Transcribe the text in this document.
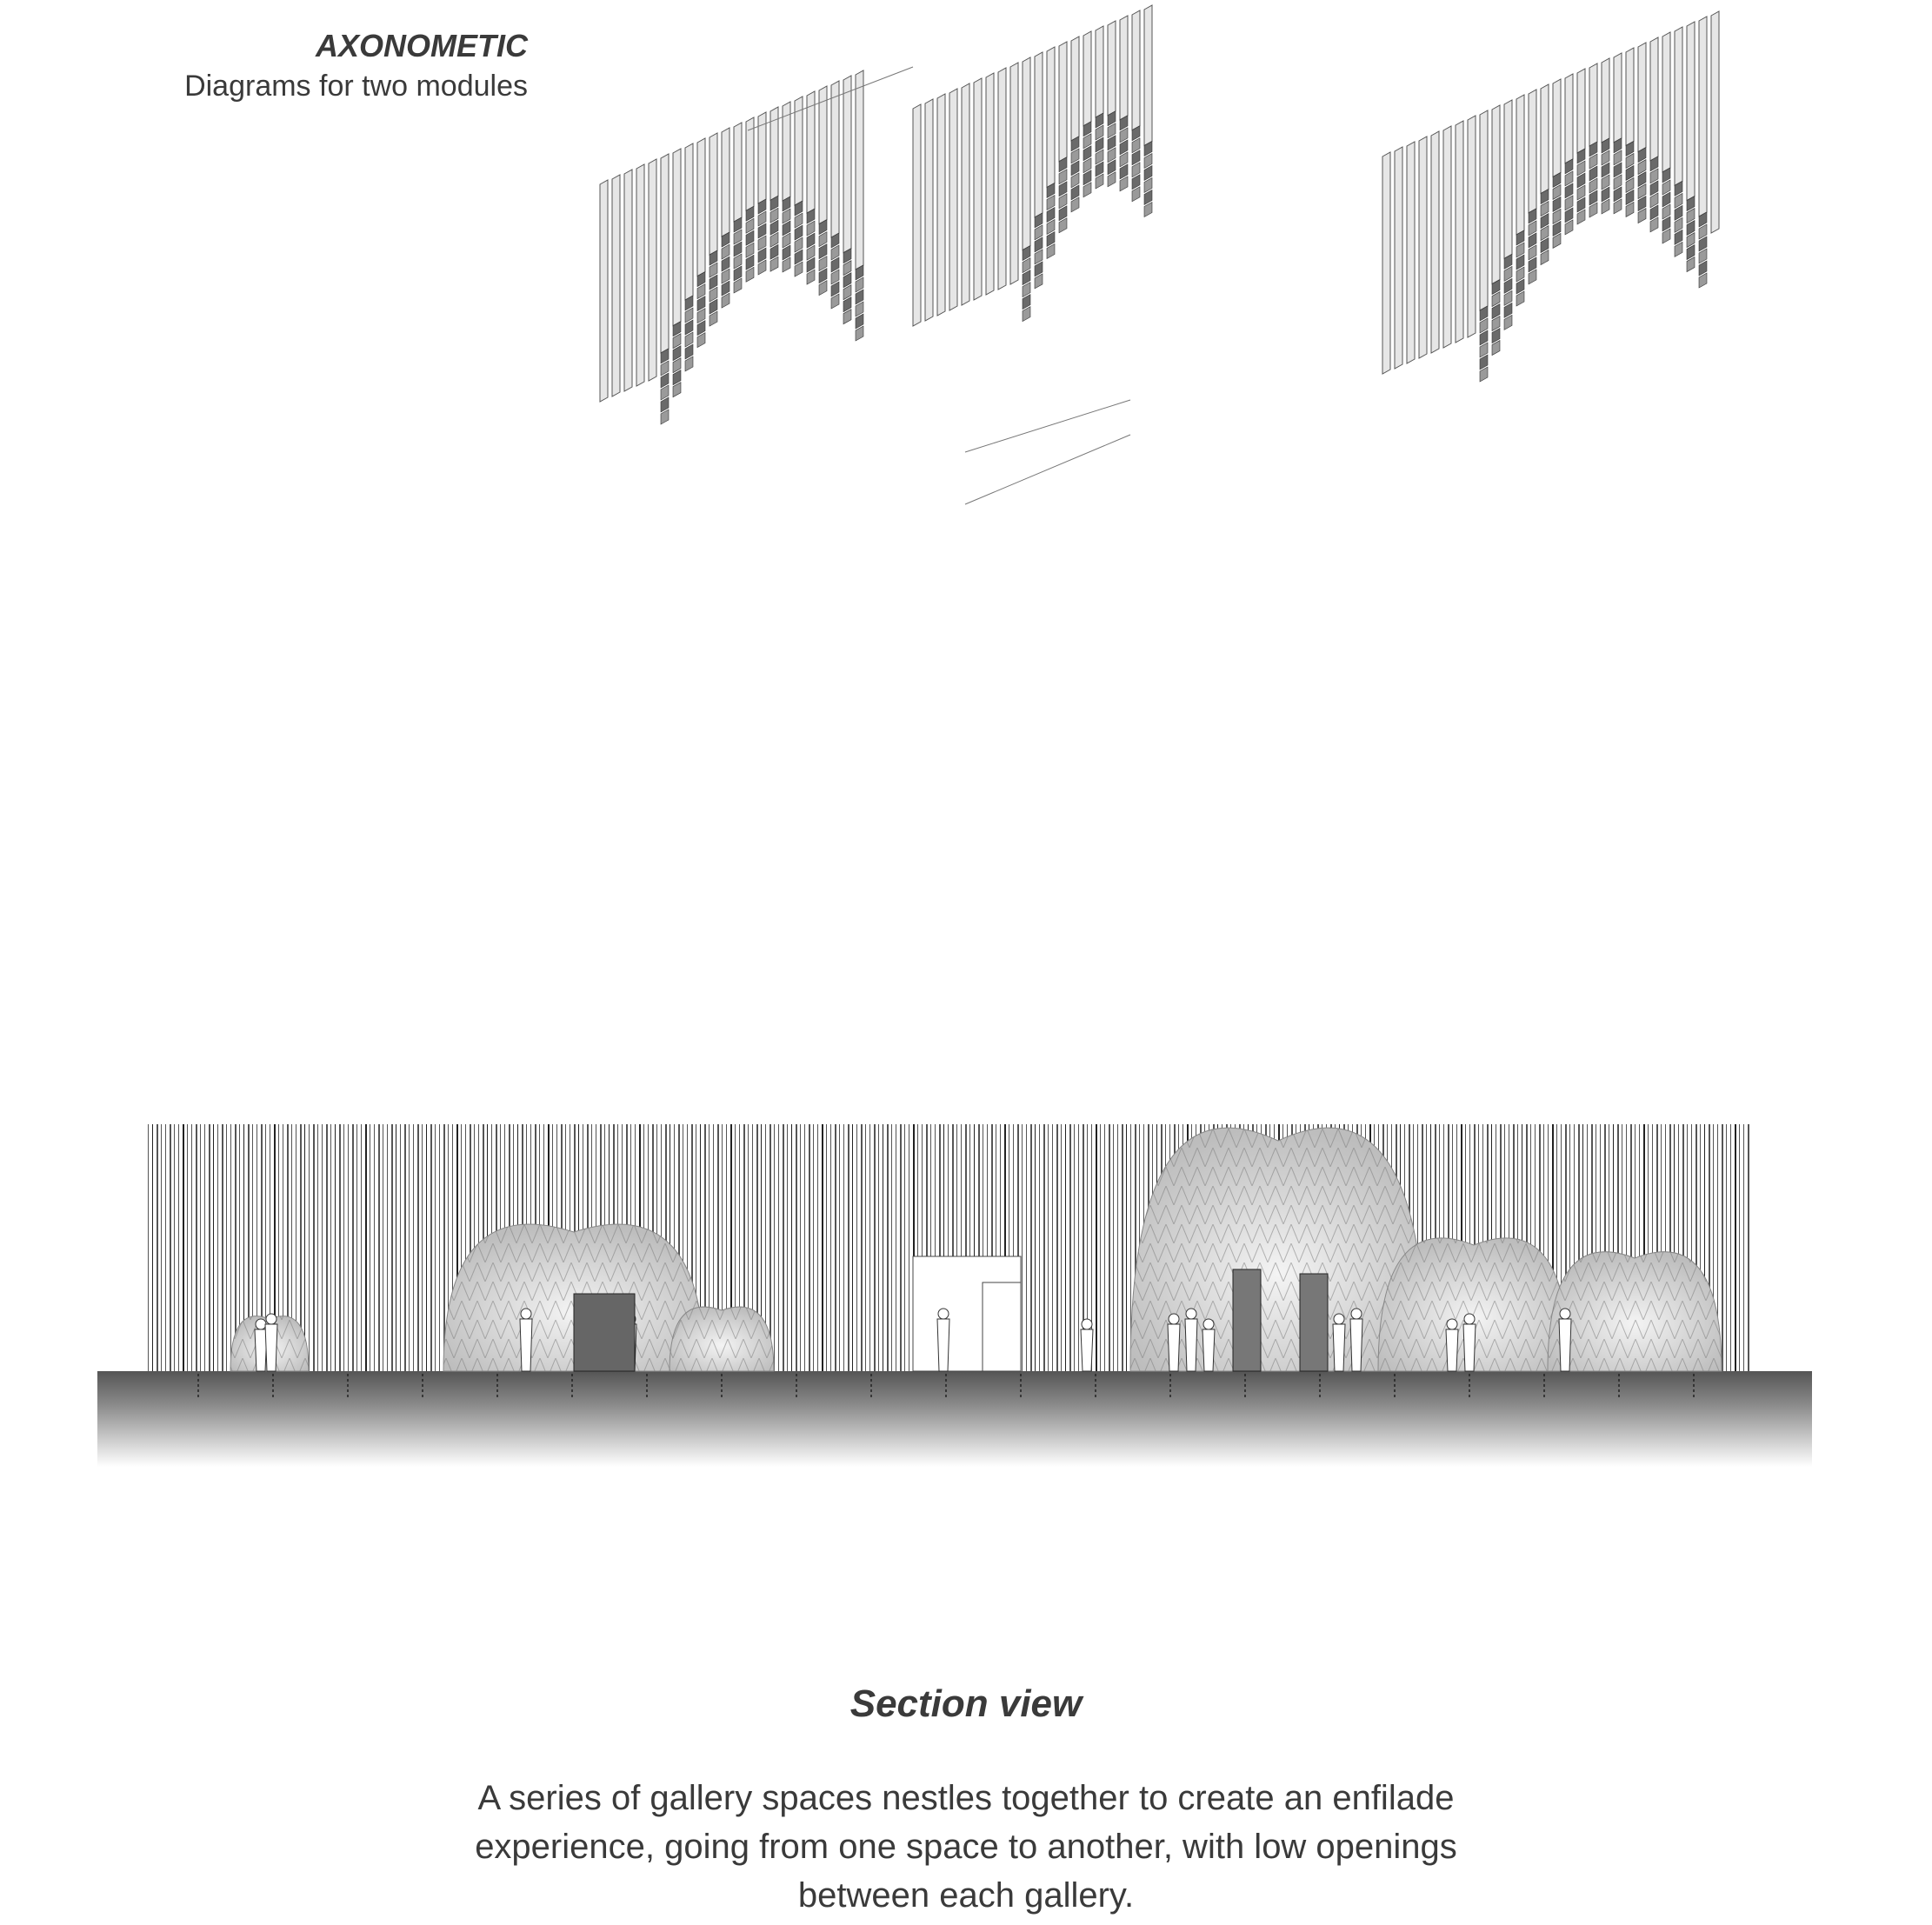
AXONOMETIC
Diagrams for two modules
Section view
A series of gallery spaces nestles together to create an enfilade
experience, going from one space to another, with low openings
between each gallery.
